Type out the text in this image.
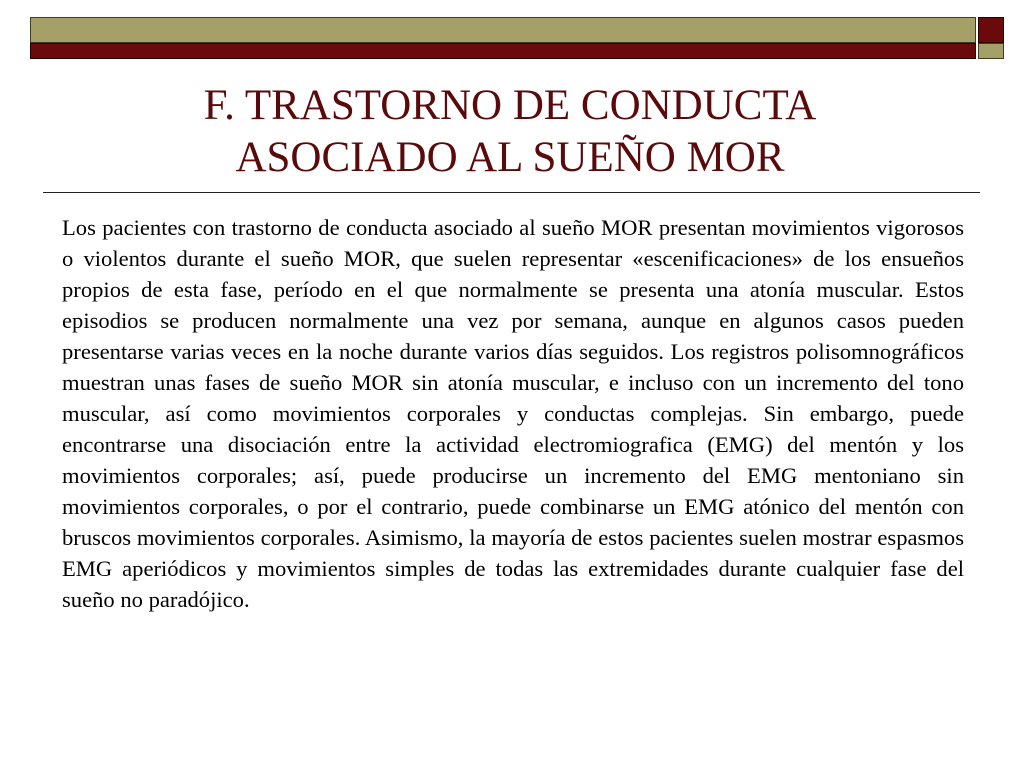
F. TRASTORNO DE CONDUCTA
ASOCIADO AL SUEÑO MOR

Los pacientes con trastorno de conducta asociado al sueño MOR presentan movimientos vigorosos o violentos durante el sueño MOR, que suelen representar «escenificaciones» de los ensueños propios de esta fase, período en el que normalmente se presenta una atonía muscular. Estos episodios se producen normalmente una vez por semana, aunque en algunos casos pueden presentarse varias veces en la noche durante varios días seguidos. Los registros polisomnográficos muestran unas fases de sueño MOR sin atonía muscular, e incluso con un incremento del tono muscular, así como movimientos corporales y conductas complejas. Sin embargo, puede encontrarse una disociación entre la actividad electromiografica (EMG) del mentón y los movimientos corporales; así, puede producirse un incremento del EMG mentoniano sin movimientos corporales, o por el contrario, puede combinarse un EMG atónico del mentón con bruscos movimientos corporales. Asimismo, la mayoría de estos pacientes suelen mostrar espasmos EMG aperiódicos y movimientos simples de todas las extremidades durante cualquier fase del sueño no paradójico.
